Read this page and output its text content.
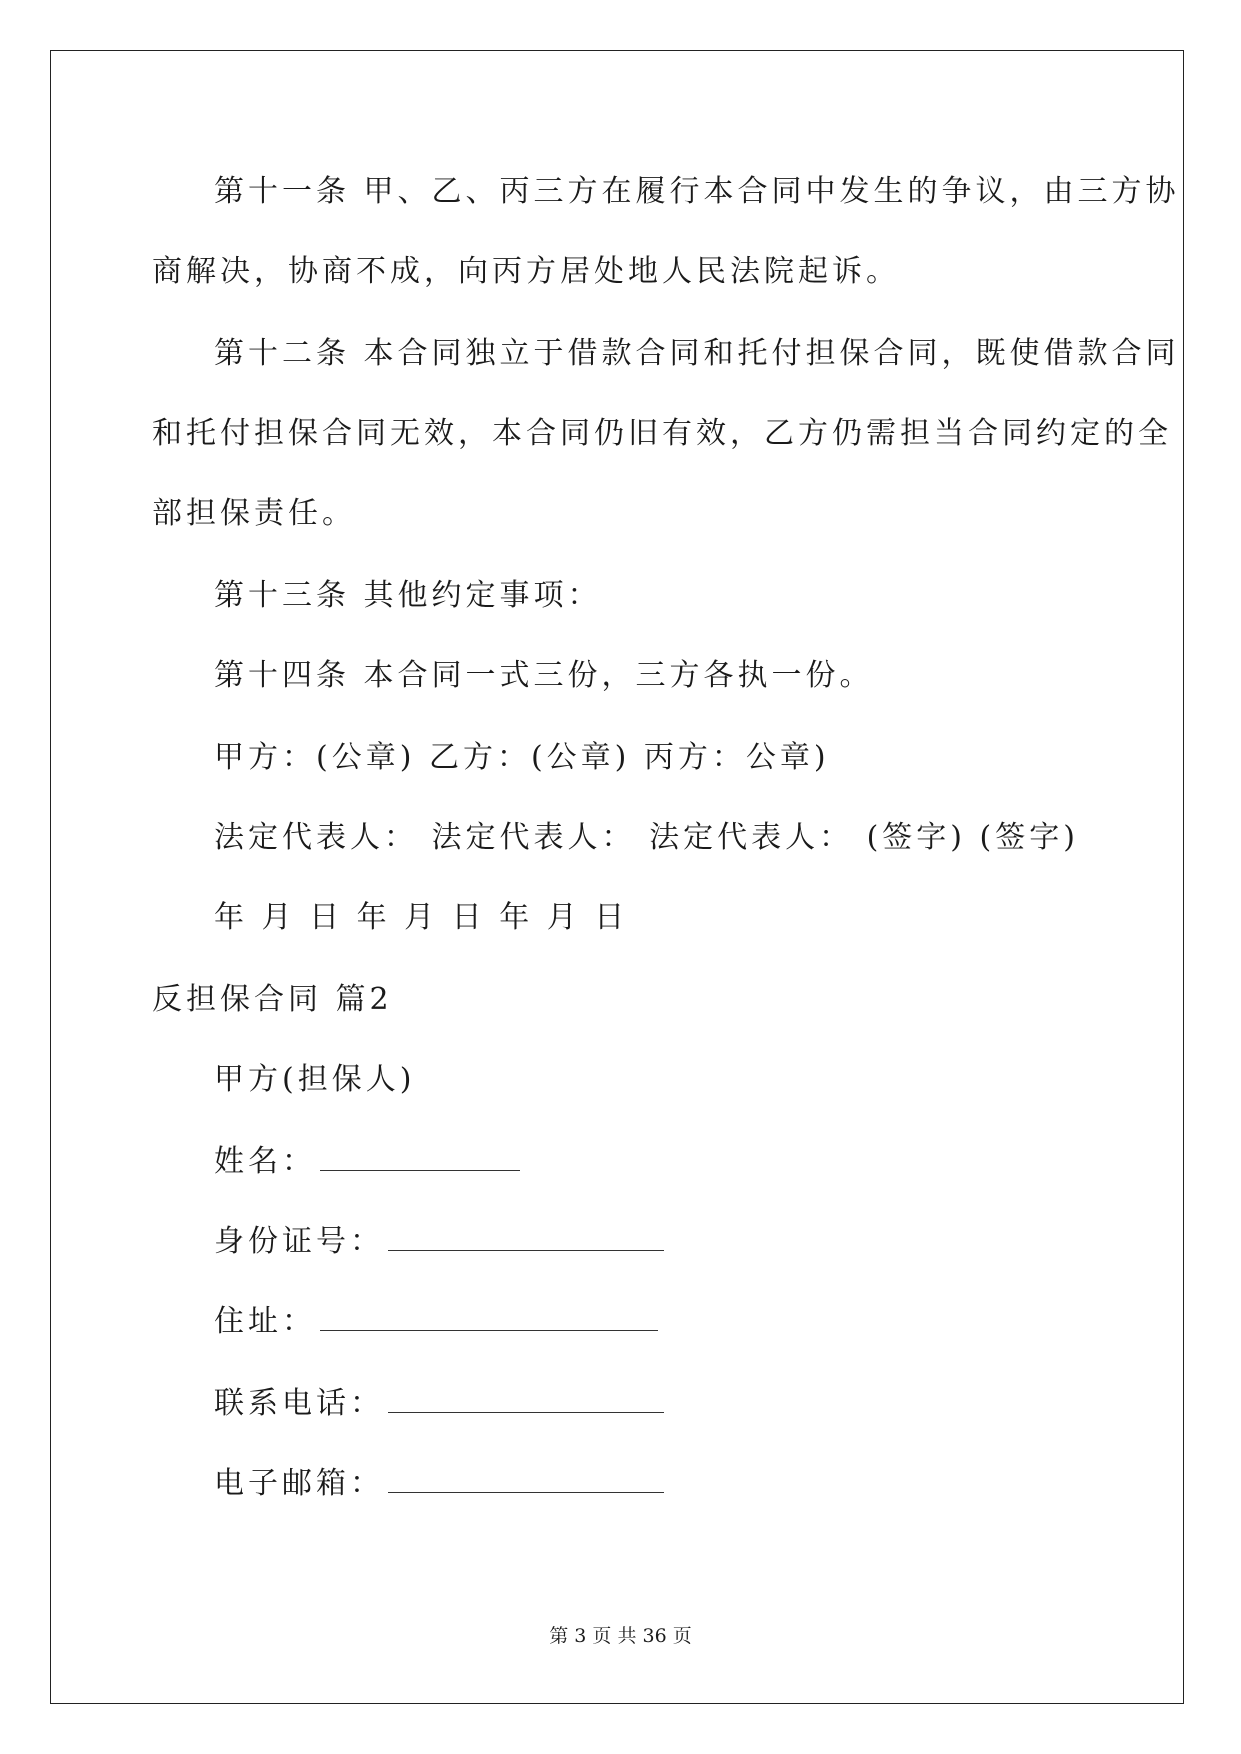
第十一条 甲、乙、丙三方在履行本合同中发生的争议，由三方协
商解决，协商不成，向丙方居处地人民法院起诉。
第十二条 本合同独立于借款合同和托付担保合同，既使借款合同
和托付担保合同无效，本合同仍旧有效，乙方仍需担当合同约定的全
部担保责任。
第十三条 其他约定事项：
第十四条 本合同一式三份，三方各执一份。
甲方：(公章) 乙方：(公章) 丙方：公章)
法定代表人： 法定代表人： 法定代表人： (签字) (签字)
年 月 日 年 月 日 年 月 日
反担保合同 篇2
甲方(担保人)
姓名：
身份证号：
住址：
联系电话：
电子邮箱：
第 3 页 共 36 页
